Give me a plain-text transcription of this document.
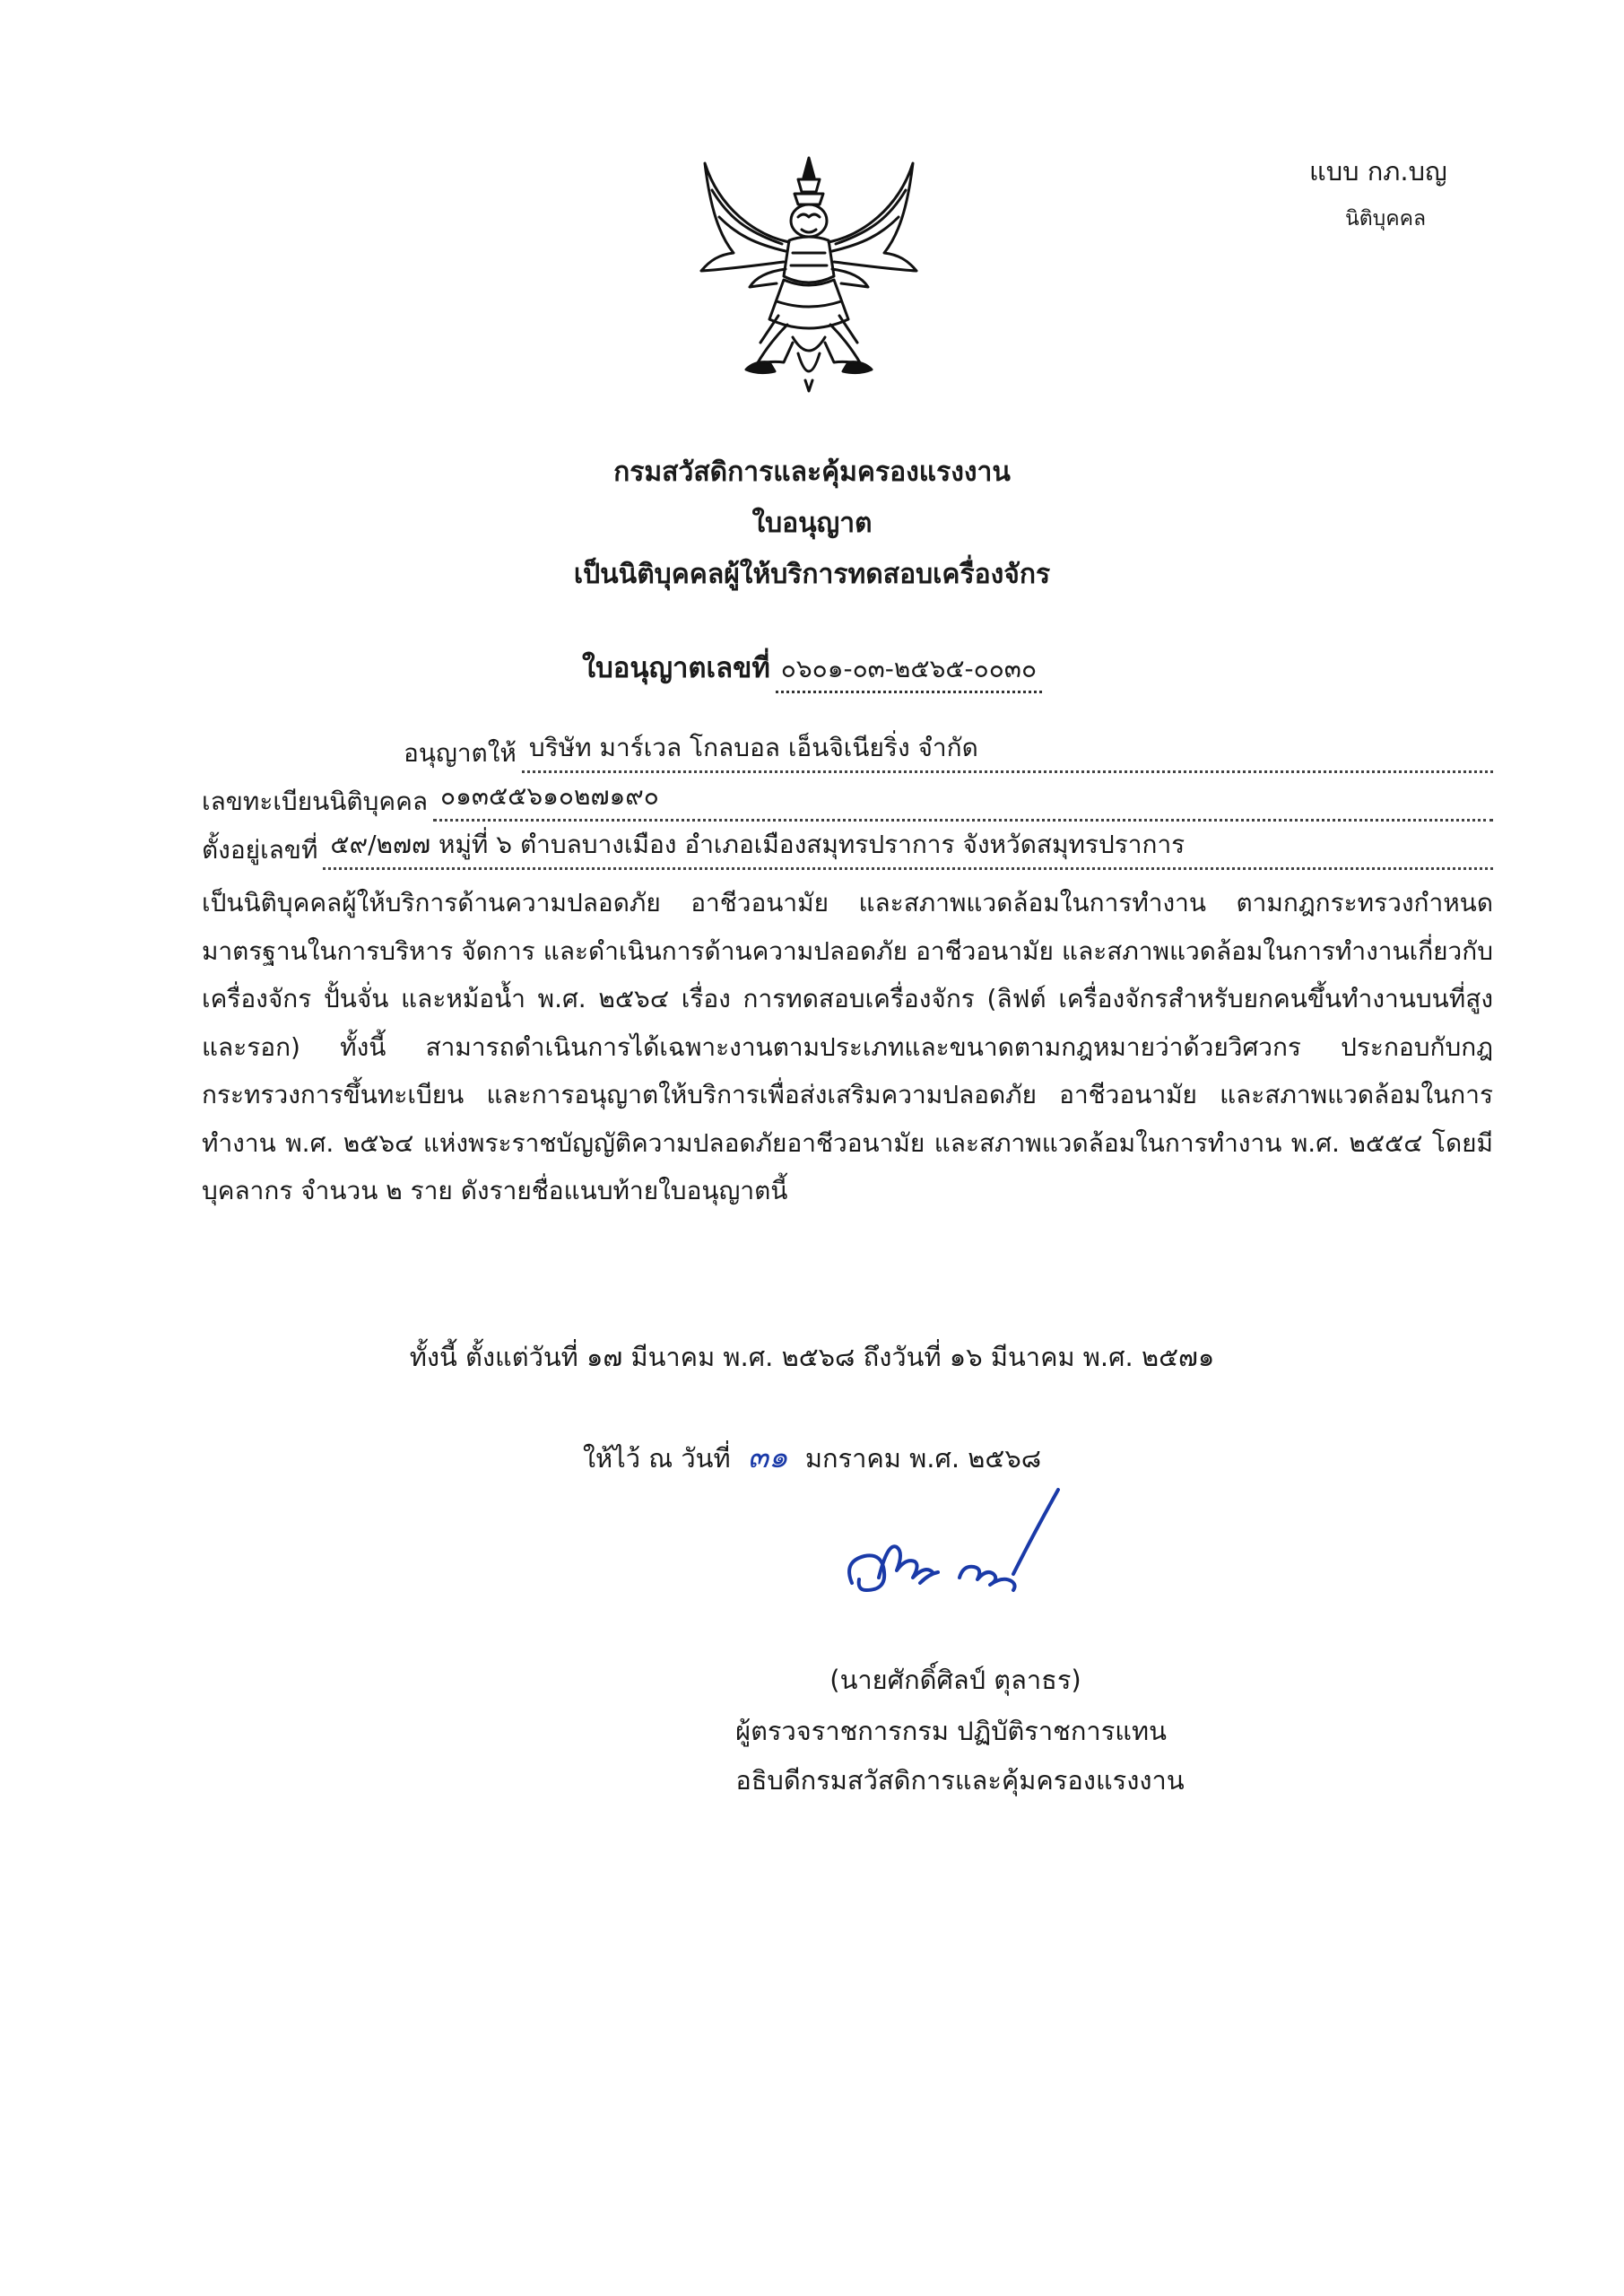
แบบ กภ.บญ
นิติบุคคล
กรมสวัสดิการและคุ้มครองแรงงาน
ใบอนุญาต
เป็นนิติบุคคลผู้ให้บริการทดสอบเครื่องจักร
ใบอนุญาตเลขที่ ๐๖๐๑-๐๓-๒๕๖๕-๐๐๓๐
อนุญาตให้ บริษัท มาร์เวล โกลบอล เอ็นจิเนียริ่ง จำกัด
เลขทะเบียนนิติบุคคล ๐๑๓๕๕๖๑๐๒๗๑๙๐
ตั้งอยู่เลขที่ ๕๙/๒๗๗ หมู่ที่ ๖ ตำบลบางเมือง อำเภอเมืองสมุทรปราการ จังหวัดสมุทรปราการ
เป็นนิติบุคคลผู้ให้บริการด้านความปลอดภัย อาชีวอนามัย และสภาพแวดล้อมในการทำงาน ตามกฎกระทรวงกำหนดมาตรฐานในการบริหาร จัดการ และดำเนินการด้านความปลอดภัย อาชีวอนามัย และสภาพแวดล้อมในการทำงานเกี่ยวกับเครื่องจักร ปั้นจั่น และหม้อน้ำ พ.ศ. ๒๕๖๔ เรื่อง การทดสอบเครื่องจักร (ลิฟต์ เครื่องจักรสำหรับยกคนขึ้นทำงานบนที่สูง และรอก) ทั้งนี้ สามารถดำเนินการได้เฉพาะงานตามประเภทและขนาดตามกฎหมายว่าด้วยวิศวกร ประกอบกับกฎกระทรวงการขึ้นทะเบียน และการอนุญาตให้บริการเพื่อส่งเสริมความปลอดภัย อาชีวอนามัย และสภาพแวดล้อมในการทำงาน พ.ศ. ๒๕๖๔ แห่งพระราชบัญญัติความปลอดภัยอาชีวอนามัย และสภาพแวดล้อมในการทำงาน พ.ศ. ๒๕๕๔ โดยมีบุคลากร จำนวน ๒ ราย ดังรายชื่อแนบท้ายใบอนุญาตนี้
ทั้งนี้ ตั้งแต่วันที่ ๑๗ มีนาคม พ.ศ. ๒๕๖๘ ถึงวันที่ ๑๖ มีนาคม พ.ศ. ๒๕๗๑
ให้ไว้ ณ วันที่ ๓๑ มกราคม พ.ศ. ๒๕๖๘
(นายศักดิ์ศิลป์ ตุลาธร)
ผู้ตรวจราชการกรม ปฏิบัติราชการแทน
อธิบดีกรมสวัสดิการและคุ้มครองแรงงาน
